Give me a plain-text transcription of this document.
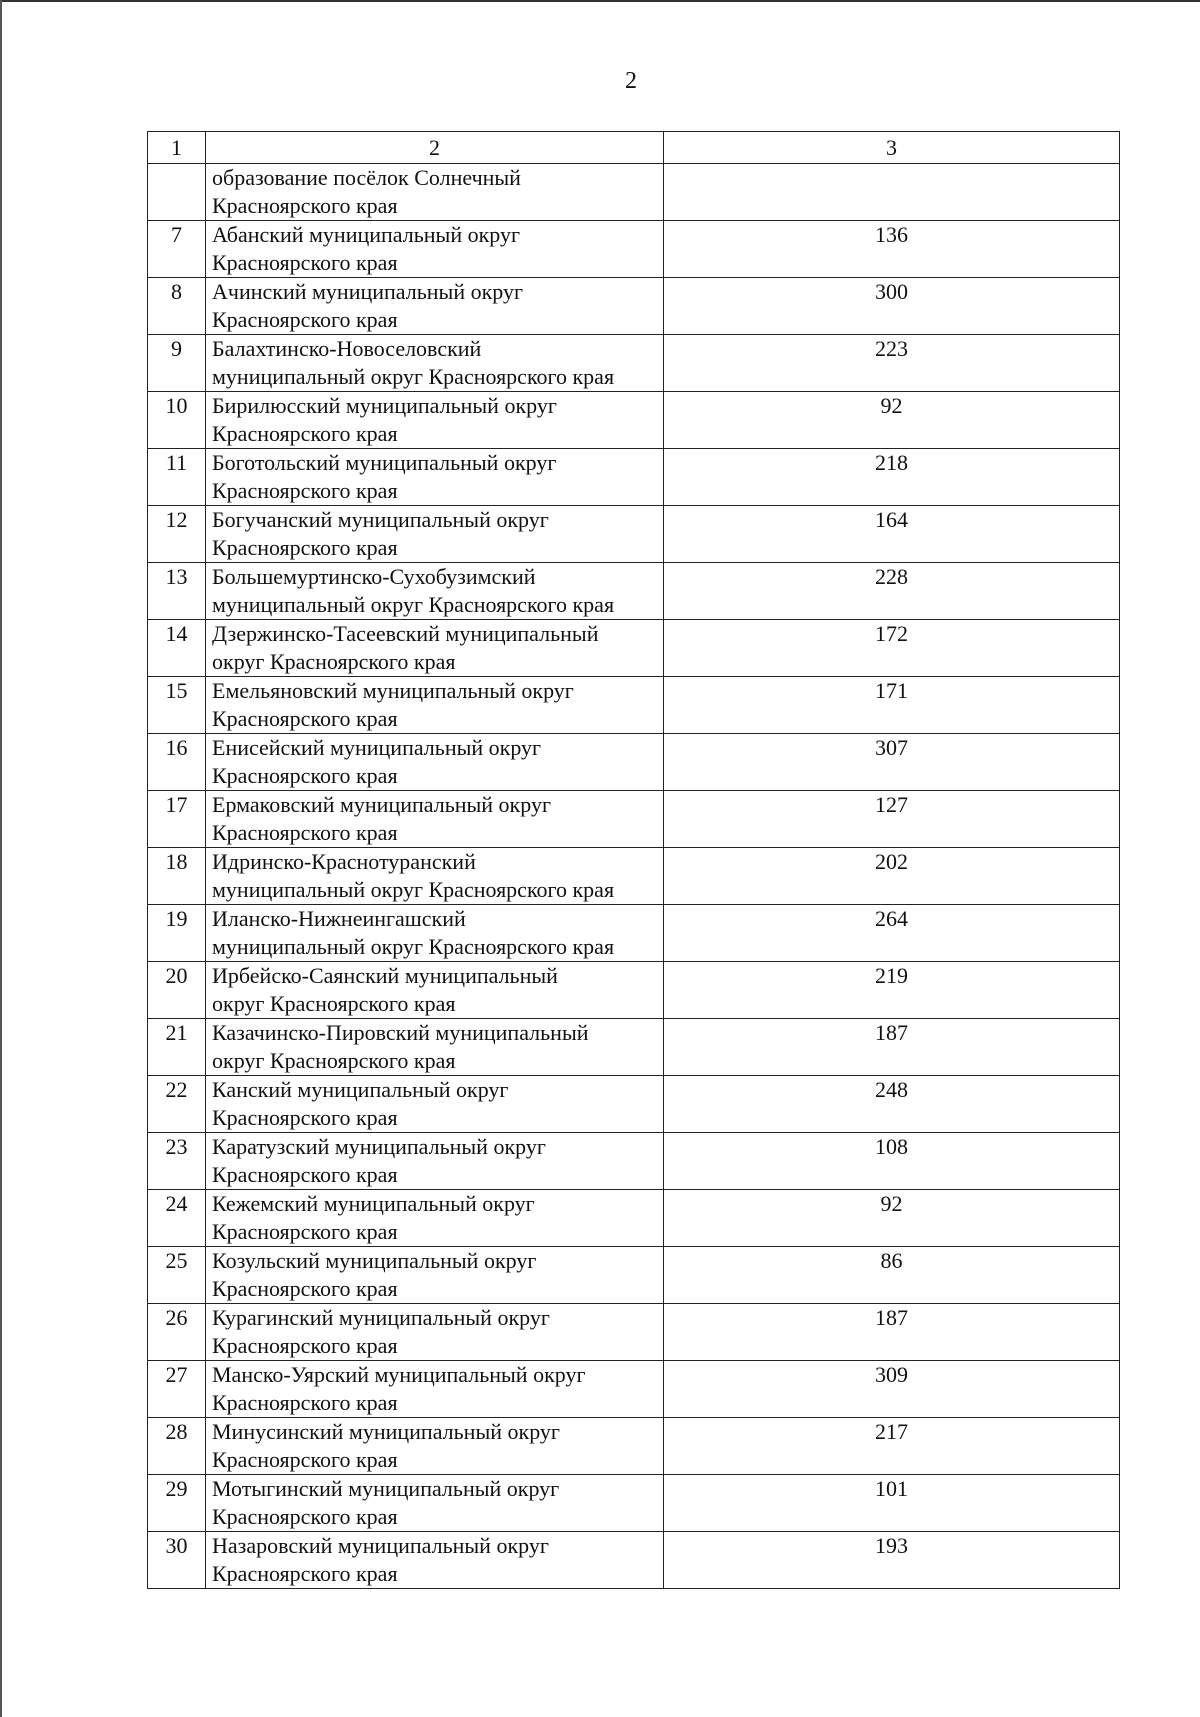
2
1	2	3

	образование посёлок Солнечный
Красноярского края	

7	Абанский муниципальный округ
Красноярского края	136
8	Ачинский муниципальный округ
Красноярского края	300
9	Балахтинско-Новоселовский
муниципальный округ Красноярского края	223
10	Бирилюсский муниципальный округ
Красноярского края	92
11	Боготольский муниципальный округ
Красноярского края	218
12	Богучанский муниципальный округ
Красноярского края	164
13	Большемуртинско-Сухобузимский
муниципальный округ Красноярского края	228
14	Дзержинско-Тасеевский муниципальный
округ Красноярского края	172
15	Емельяновский муниципальный округ
Красноярского края	171
16	Енисейский муниципальный округ
Красноярского края	307
17	Ермаковский муниципальный округ
Красноярского края	127
18	Идринско-Краснотуранский
муниципальный округ Красноярского края	202
19	Иланско-Нижнеингашский
муниципальный округ Красноярского края	264
20	Ирбейско-Саянский муниципальный
округ Красноярского края	219
21	Казачинско-Пировский муниципальный
округ Красноярского края	187
22	Канский муниципальный округ
Красноярского края	248
23	Каратузский муниципальный округ
Красноярского края	108
24	Кежемский муниципальный округ
Красноярского края	92
25	Козульский муниципальный округ
Красноярского края	86
26	Курагинский муниципальный округ
Красноярского края	187
27	Манско-Уярский муниципальный округ
Красноярского края	309
28	Минусинский муниципальный округ
Красноярского края	217
29	Мотыгинский муниципальный округ
Красноярского края	101
30	Назаровский муниципальный округ
Красноярского края	193
